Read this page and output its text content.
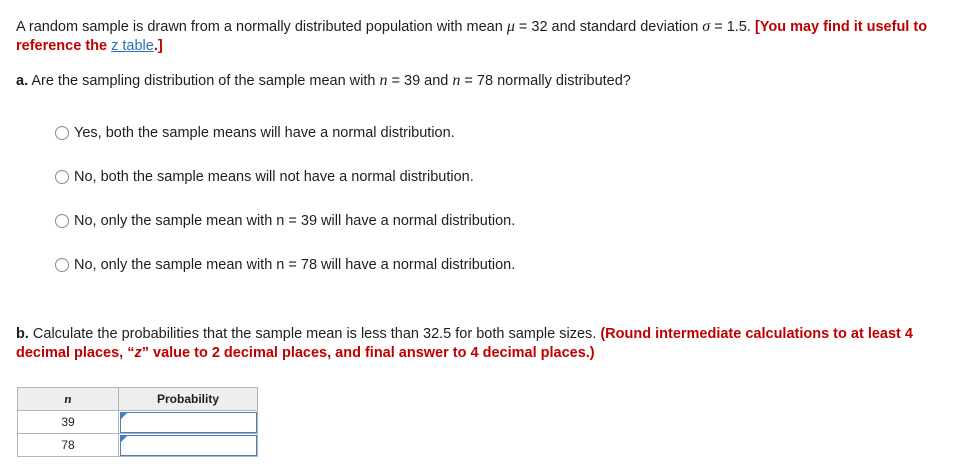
A random sample is drawn from a normally distributed population with mean μ = 32 and standard deviation σ = 1.5. [You may find it useful to reference the z table.]
a. Are the sampling distribution of the sample mean with n = 39 and n = 78 normally distributed?
Yes, both the sample means will have a normal distribution.
No, both the sample means will not have a normal distribution.
No, only the sample mean with n = 39 will have a normal distribution.
No, only the sample mean with n = 78 will have a normal distribution.
b. Calculate the probabilities that the sample mean is less than 32.5 for both sample sizes. (Round intermediate calculations to at least 4 decimal places, “z” value to 2 decimal places, and final answer to 4 decimal places.)
n	Probability
39	

78	
